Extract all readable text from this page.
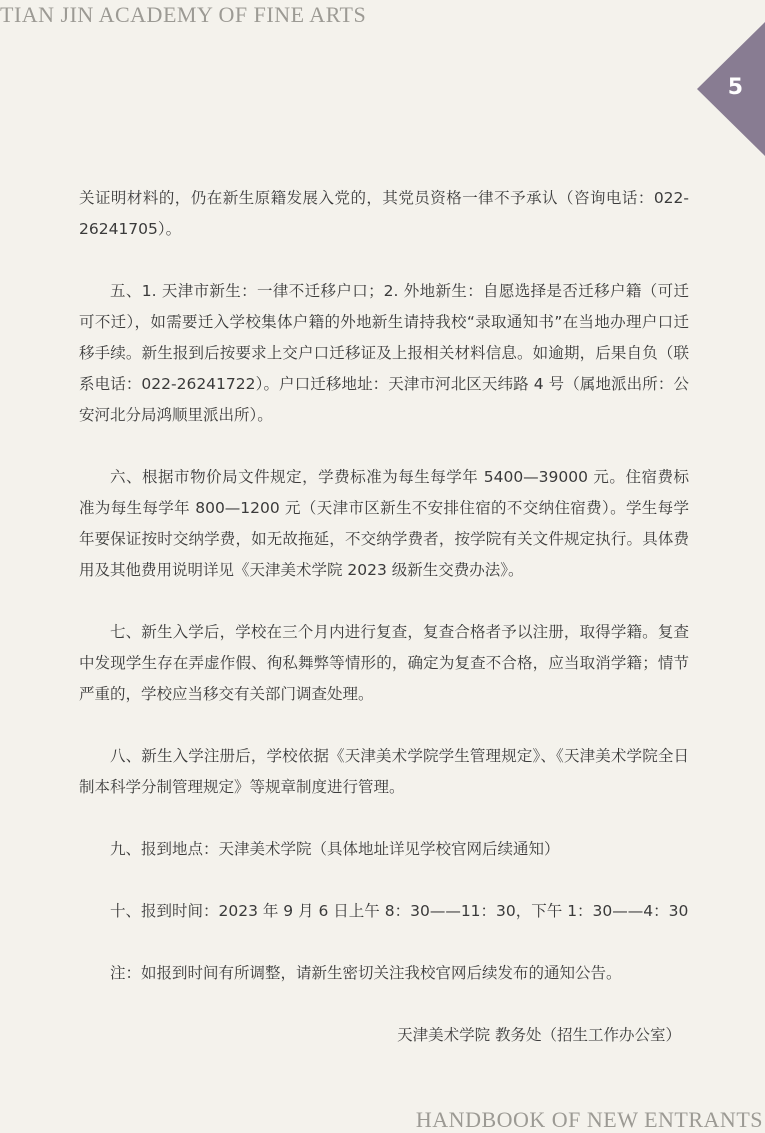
TIAN JIN ACADEMY OF FINE ARTS
5

关证明材料的，仍在新生原籍发展入党的，其党员资格一律不予承认（咨询电话：022-26241705）。

五、1. 天津市新生：一律不迁移户口；2. 外地新生：自愿选择是否迁移户籍（可迁可不迁），如需要迁入学校集体户籍的外地新生请持我校“录取通知书”在当地办理户口迁移手续。新生报到后按要求上交户口迁移证及上报相关材料信息。如逾期，后果自负（联系电话：022-26241722）。户口迁移地址：天津市河北区天纬路 4 号（属地派出所：公安河北分局鸿顺里派出所）。

六、根据市物价局文件规定，学费标准为每生每学年 5400—39000 元。住宿费标准为每生每学年 800—1200 元（天津市区新生不安排住宿的不交纳住宿费）。学生每学年要保证按时交纳学费，如无故拖延，不交纳学费者，按学院有关文件规定执行。具体费用及其他费用说明详见《天津美术学院 2023 级新生交费办法》。

七、新生入学后，学校在三个月内进行复查，复查合格者予以注册，取得学籍。复查中发现学生存在弄虚作假、徇私舞弊等情形的，确定为复查不合格，应当取消学籍；情节严重的，学校应当移交有关部门调查处理。

八、新生入学注册后，学校依据《天津美术学院学生管理规定》、《天津美术学院全日制本科学分制管理规定》等规章制度进行管理。

九、报到地点：天津美术学院（具体地址详见学校官网后续通知）

十、报到时间：2023 年 9 月 6 日上午 8：30——11：30，下午 1：30——4：30

注：如报到时间有所调整，请新生密切关注我校官网后续发布的通知公告。

天津美术学院 教务处（招生工作办公室）

HANDBOOK OF NEW ENTRANTS
